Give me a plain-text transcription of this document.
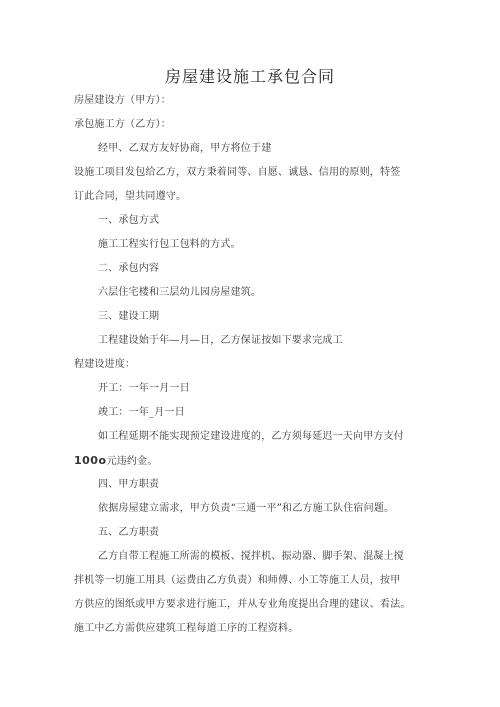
房屋建设施工承包合同
房屋建设方（甲方）：
承包施工方（乙方）：
经甲、乙双方友好协商，甲方将位于建
设施工项目发包给乙方，双方秉着同等、自愿、诚恳、信用的原则，特签
订此合同，望共同遵守。
一、承包方式
施工工程实行包工包料的方式。
二、承包内容
六层住宅楼和三层幼儿园房屋建筑。
三、建设工期
工程建设始于年—月—日，乙方保证按如下要求完成工
程建设进度：
开工：一年一月一日
竣工：一年_月一日
如工程延期不能实现预定建设进度的，乙方须每延迟一天向甲方支付
100o元违约金。
四、甲方职责
依据房屋建立需求，甲方负责“三通一平”和乙方施工队住宿问题。
五、乙方职责
乙方自带工程施工所需的模板、搅拌机、振动器、脚手架、混凝土搅
拌机等一切施工用具（运费由乙方负责）和师傅、小工等施工人员，按甲
方供应的图纸或甲方要求进行施工，并从专业角度提出合理的建议、看法。
施工中乙方需供应建筑工程每道工序的工程资料。
